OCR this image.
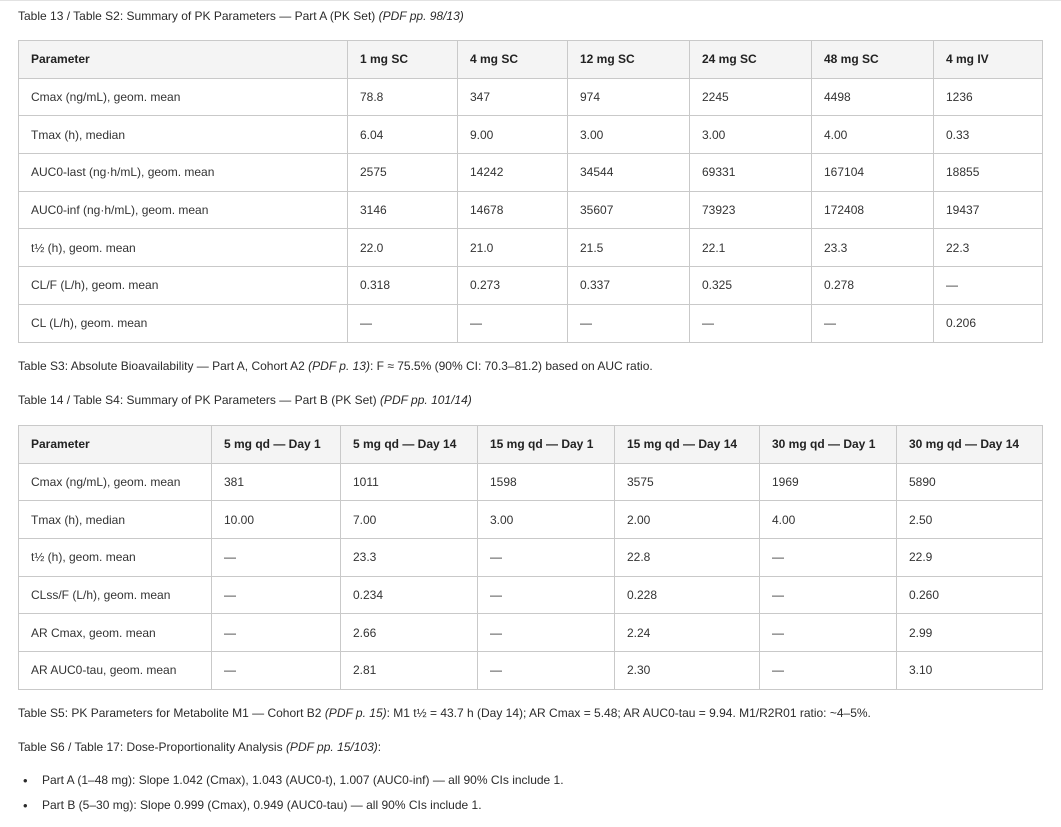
Table 13 / Table S2: Summary of PK Parameters — Part A (PK Set) (PDF pp. 98/13)
Parameter	1 mg SC	4 mg SC	12 mg SC	24 mg SC	48 mg SC	4 mg IV
Cmax (ng/mL), geom. mean	78.8	347	974	2245	4498	1236
Tmax (h), median	6.04	9.00	3.00	3.00	4.00	0.33
AUC0-last (ng·h/mL), geom. mean	2575	14242	34544	69331	167104	18855
AUC0-inf (ng·h/mL), geom. mean	3146	14678	35607	73923	172408	19437
t½ (h), geom. mean	22.0	21.0	21.5	22.1	23.3	22.3
CL/F (L/h), geom. mean	0.318	0.273	0.337	0.325	0.278	—
CL (L/h), geom. mean	—	—	—	—	—	0.206
Table S3: Absolute Bioavailability — Part A, Cohort A2 (PDF p. 13): F ≈ 75.5% (90% CI: 70.3–81.2) based on AUC ratio.
Table 14 / Table S4: Summary of PK Parameters — Part B (PK Set) (PDF pp. 101/14)
Parameter	5 mg qd — Day 1	5 mg qd — Day 14	15 mg qd — Day 1	15 mg qd — Day 14	30 mg qd — Day 1	30 mg qd — Day 14
Cmax (ng/mL), geom. mean	381	1011	1598	3575	1969	5890
Tmax (h), median	10.00	7.00	3.00	2.00	4.00	2.50
t½ (h), geom. mean	—	23.3	—	22.8	—	22.9
CLss/F (L/h), geom. mean	—	0.234	—	0.228	—	0.260
AR Cmax, geom. mean	—	2.66	—	2.24	—	2.99
AR AUC0-tau, geom. mean	—	2.81	—	2.30	—	3.10
Table S5: PK Parameters for Metabolite M1 — Cohort B2 (PDF p. 15): M1 t½ = 43.7 h (Day 14); AR Cmax = 5.48; AR AUC0-tau = 9.94. M1/R2R01 ratio: ~4–5%.
Table S6 / Table 17: Dose-Proportionality Analysis (PDF pp. 15/103):
• Part A (1–48 mg): Slope 1.042 (Cmax), 1.043 (AUC0-t), 1.007 (AUC0-inf) — all 90% CIs include 1.
• Part B (5–30 mg): Slope 0.999 (Cmax), 0.949 (AUC0-tau) — all 90% CIs include 1.
